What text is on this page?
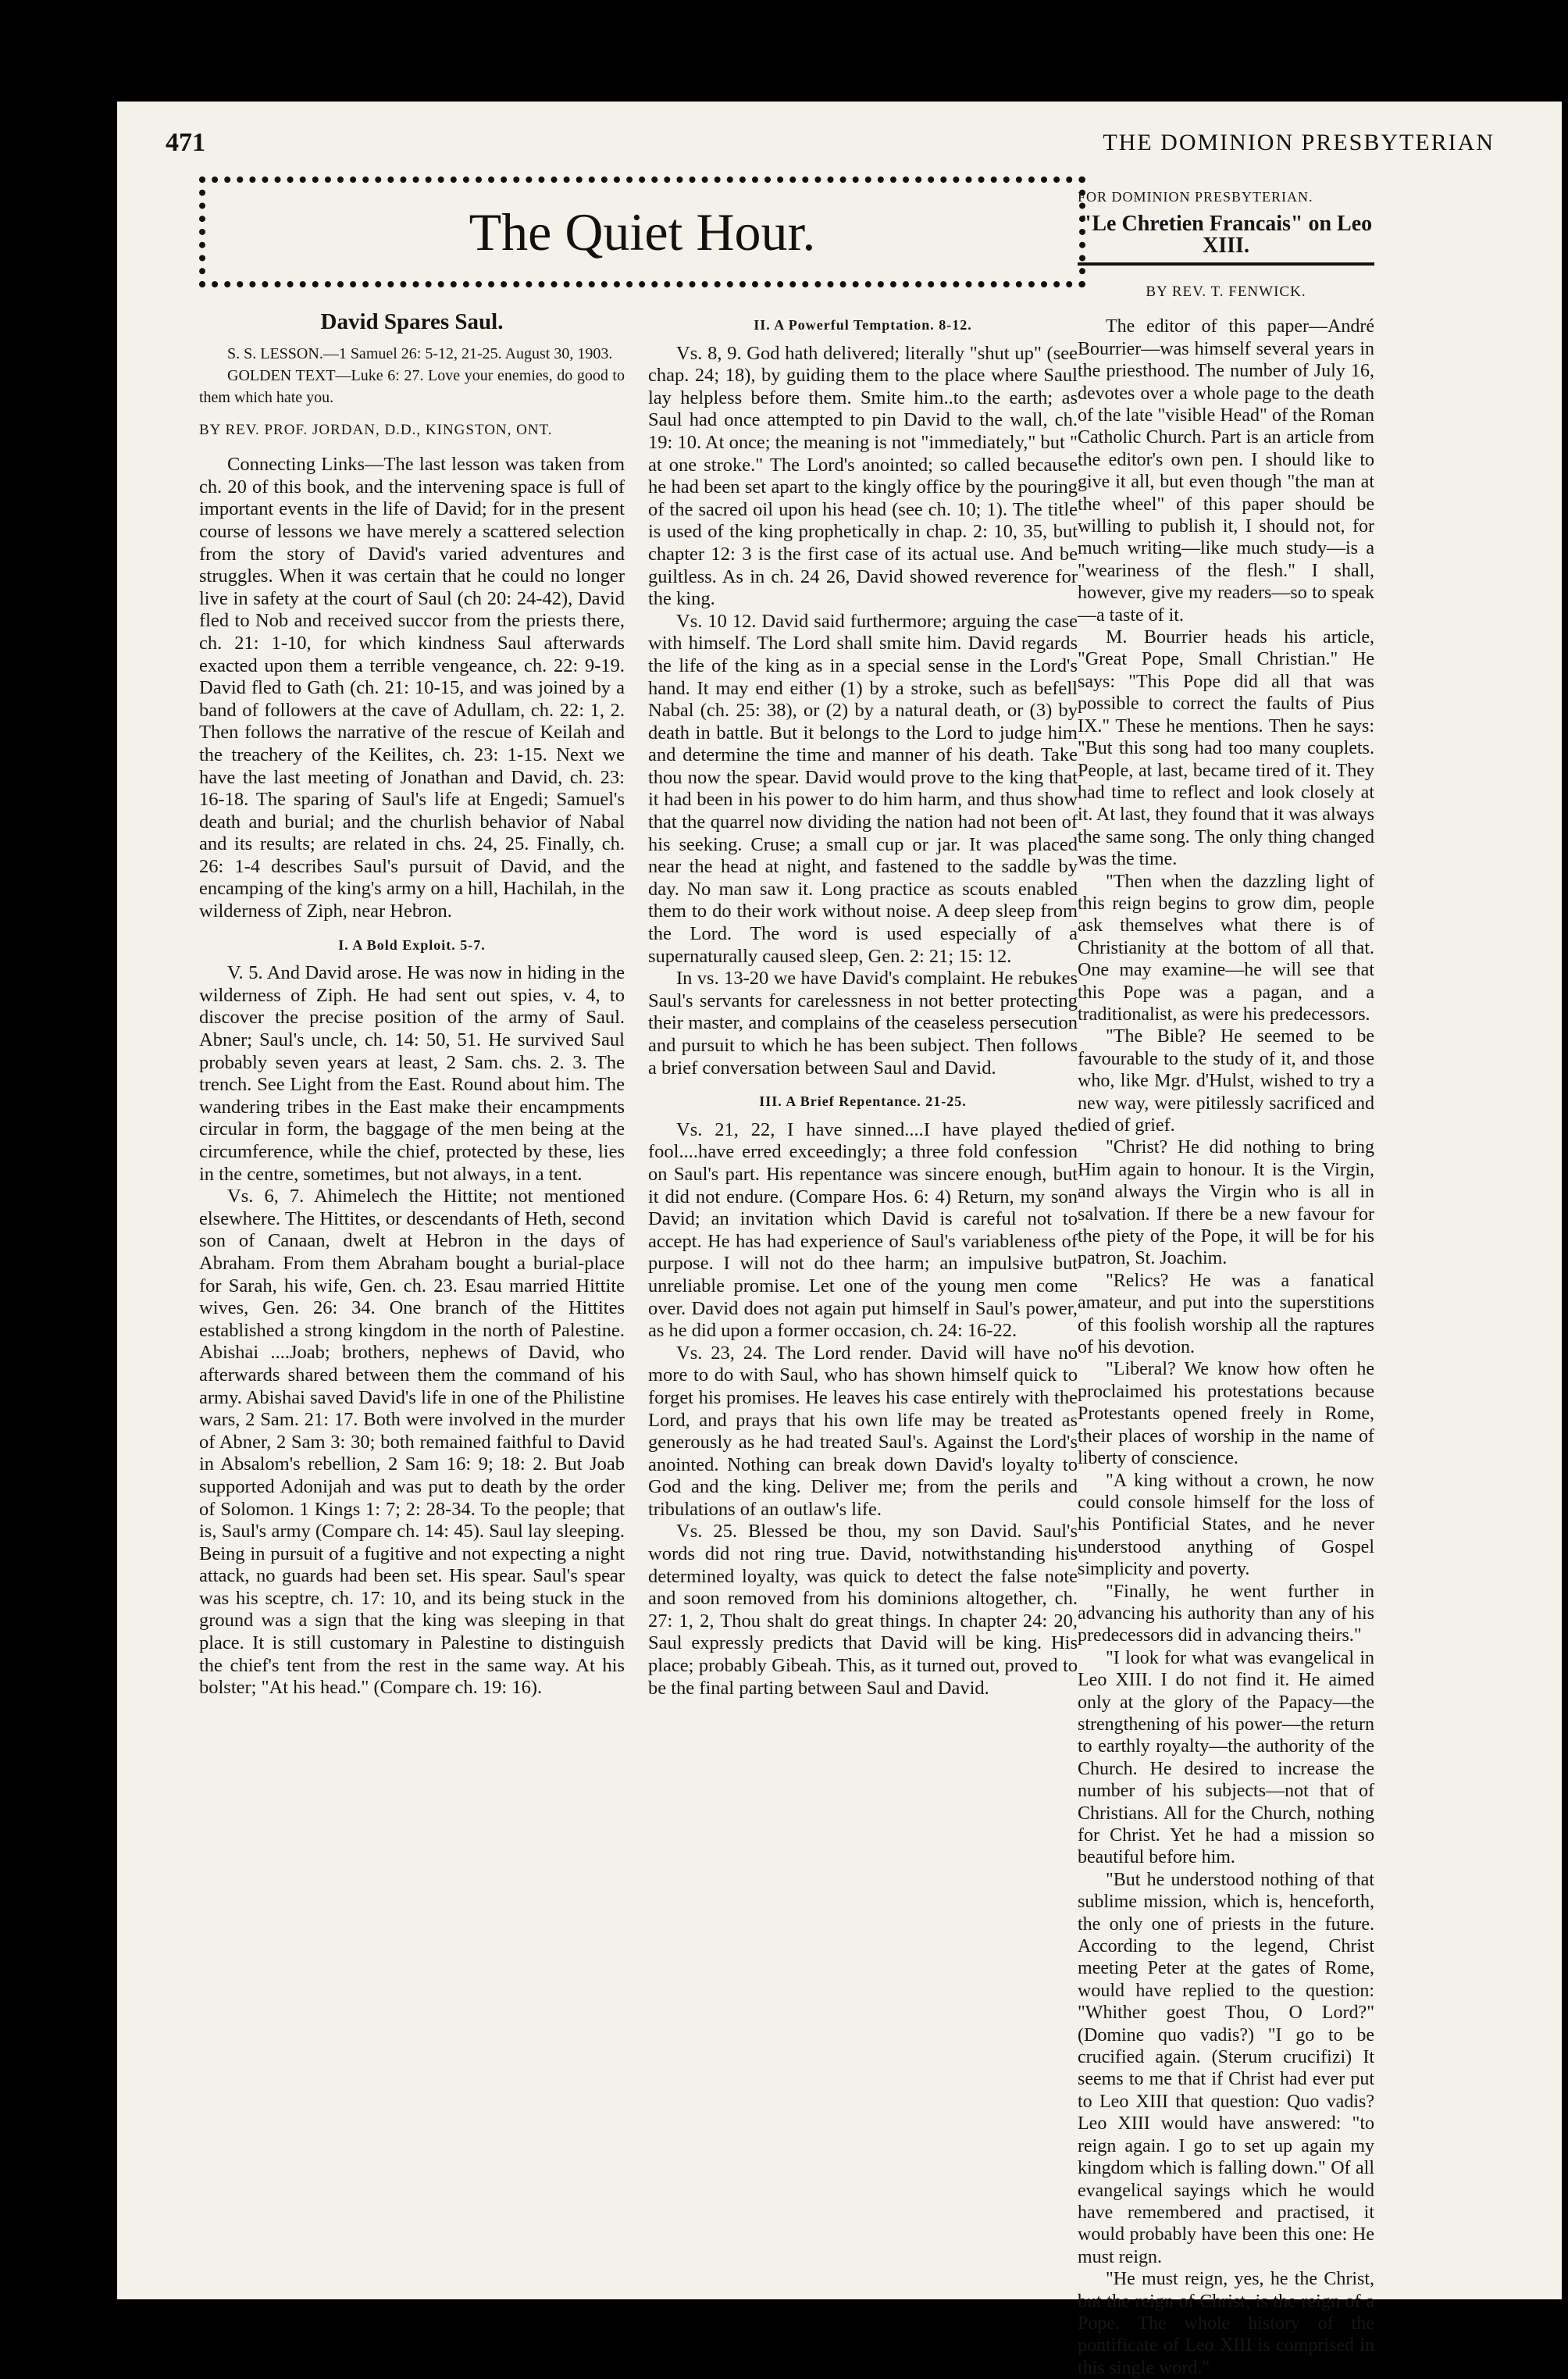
471	THE DOMINION PRESBYTERIAN
The Quiet Hour.
David Spares Saul.

S. S. LESSON.—1 Samuel 26: 5-12, 21-25. August 30, 1903.

GOLDEN TEXT—Luke 6: 27. Love your enemies, do good to them which hate you.

BY REV. PROF. JORDAN, D.D., KINGSTON, ONT.

Connecting Links—The last lesson was taken from ch. 20 of this book, and the intervening space is full of important events in the life of David; for in the present course of lessons we have merely a scattered selection from the story of David's varied adventures and struggles. When it was certain that he could no longer live in safety at the court of Saul (ch 20: 24-42), David fled to Nob and received succor from the priests there, ch. 21: 1-10, for which kindness Saul afterwards exacted upon them a terrible vengeance, ch. 22: 9-19. David fled to Gath (ch. 21: 10-15, and was joined by a band of followers at the cave of Adullam, ch. 22: 1, 2. Then follows the narrative of the rescue of Keilah and the treachery of the Keilites, ch. 23: 1-15. Next we have the last meeting of Jonathan and David, ch. 23: 16-18. The sparing of Saul's life at Engedi; Samuel's death and burial; and the churlish behavior of Nabal and its results; are related in chs. 24, 25. Finally, ch. 26: 1-4 describes Saul's pursuit of David, and the encamping of the king's army on a hill, Hachilah, in the wilderness of Ziph, near Hebron.

I. A Bold Exploit. 5-7.

V. 5. And David arose. He was now in hiding in the wilderness of Ziph. He had sent out spies, v. 4, to discover the precise position of the army of Saul. Abner; Saul's uncle, ch. 14: 50, 51. He survived Saul probably seven years at least, 2 Sam. chs. 2. 3. The trench. See Light from the East. Round about him. The wandering tribes in the East make their encampments circular in form, the baggage of the men being at the circumference, while the chief, protected by these, lies in the centre, sometimes, but not always, in a tent.

Vs. 6, 7. Ahimelech the Hittite; not mentioned elsewhere. The Hittites, or descendants of Heth, second son of Canaan, dwelt at Hebron in the days of Abraham. From them Abraham bought a burial-place for Sarah, his wife, Gen. ch. 23. Esau married Hittite wives, Gen. 26: 34. One branch of the Hittites established a strong kingdom in the north of Palestine. Abishai ....Joab; brothers, nephews of David, who afterwards shared between them the command of his army. Abishai saved David's life in one of the Philistine wars, 2 Sam. 21: 17. Both were involved in the murder of Abner, 2 Sam 3: 30; both remained faithful to David in Absalom's rebellion, 2 Sam 16: 9; 18: 2. But Joab supported Adonijah and was put to death by the order of Solomon. 1 Kings 1: 7; 2: 28-34. To the people; that is, Saul's army (Compare ch. 14: 45). Saul lay sleeping. Being in pursuit of a fugitive and not expecting a night attack, no guards had been set. His spear. Saul's spear was his sceptre, ch. 17: 10, and its being stuck in the ground was a sign that the king was sleeping in that place. It is still customary in Palestine to distinguish the chief's tent from the rest in the same way. At his bolster; "At his head." (Compare ch. 19: 16).

II. A Powerful Temptation. 8-12.

Vs. 8, 9. God hath delivered; literally "shut up" (see chap. 24; 18), by guiding them to the place where Saul lay helpless before them. Smite him..to the earth; as Saul had once attempted to pin David to the wall, ch. 19: 10. At once; the meaning is not "immediately," but " at one stroke." The Lord's anointed; so called because he had been set apart to the kingly office by the pouring of the sacred oil upon his head (see ch. 10; 1). The title is used of the king prophetically in chap. 2: 10, 35, but chapter 12: 3 is the first case of its actual use. And be guiltless. As in ch. 24 26, David showed reverence for the king.

Vs. 10 12. David said furthermore; arguing the case with himself. The Lord shall smite him. David regards the life of the king as in a special sense in the Lord's hand. It may end either (1) by a stroke, such as befell Nabal (ch. 25: 38), or (2) by a natural death, or (3) by death in battle. But it belongs to the Lord to judge him and determine the time and manner of his death. Take thou now the spear. David would prove to the king that it had been in his power to do him harm, and thus show that the quarrel now dividing the nation had not been of his seeking. Cruse; a small cup or jar. It was placed near the head at night, and fastened to the saddle by day. No man saw it. Long practice as scouts enabled them to do their work without noise. A deep sleep from the Lord. The word is used especially of a supernaturally caused sleep, Gen. 2: 21; 15: 12.

In vs. 13-20 we have David's complaint. He rebukes Saul's servants for carelessness in not better protecting their master, and complains of the ceaseless persecution and pursuit to which he has been subject. Then follows a brief conversation between Saul and David.

III. A Brief Repentance. 21-25.

Vs. 21, 22, I have sinned....I have played the fool....have erred exceedingly; a three fold confession on Saul's part. His repentance was sincere enough, but it did not endure. (Compare Hos. 6: 4) Return, my son David; an invitation which David is careful not to accept. He has had experience of Saul's variableness of purpose. I will not do thee harm; an impulsive but unreliable promise. Let one of the young men come over. David does not again put himself in Saul's power, as he did upon a former occasion, ch. 24: 16-22.

Vs. 23, 24. The Lord render. David will have no more to do with Saul, who has shown himself quick to forget his promises. He leaves his case entirely with the Lord, and prays that his own life may be treated as generously as he had treated Saul's. Against the Lord's anointed. Nothing can break down David's loyalty to God and the king. Deliver me; from the perils and tribulations of an outlaw's life.

Vs. 25. Blessed be thou, my son David. Saul's words did not ring true. David, notwithstanding his determined loyalty, was quick to detect the false note and soon removed from his dominions altogether, ch. 27: 1, 2, Thou shalt do great things. In chapter 24: 20, Saul expressly predicts that David will be king. His place; probably Gibeah. This, as it turned out, proved to be the final parting between Saul and David.

FOR DOMINION PRESBYTERIAN.
"Le Chretien Francais" on Leo XIII.
BY REV. T. FENWICK.

The editor of this paper—André Bourrier—was himself several years in the priesthood. The number of July 16, devotes over a whole page to the death of the late "visible Head" of the Roman Catholic Church. Part is an article from the editor's own pen. I should like to give it all, but even though "the man at the wheel" of this paper should be willing to publish it, I should not, for much writing—like much study—is a "weariness of the flesh." I shall, however, give my readers—so to speak—a taste of it.

M. Bourrier heads his article, "Great Pope, Small Christian." He says: "This Pope did all that was possible to correct the faults of Pius IX." These he mentions. Then he says: "But this song had too many couplets. People, at last, became tired of it. They had time to reflect and look closely at it. At last, they found that it was always the same song. The only thing changed was the time.

"Then when the dazzling light of this reign begins to grow dim, people ask themselves what there is of Christianity at the bottom of all that. One may examine—he will see that this Pope was a pagan, and a traditionalist, as were his predecessors.

"The Bible? He seemed to be favourable to the study of it, and those who, like Mgr. d'Hulst, wished to try a new way, were pitilessly sacrificed and died of grief.

"Christ? He did nothing to bring Him again to honour. It is the Virgin, and always the Virgin who is all in salvation. If there be a new favour for the piety of the Pope, it will be for his patron, St. Joachim.

"Relics? He was a fanatical amateur, and put into the superstitions of this foolish worship all the raptures of his devotion.

"Liberal? We know how often he proclaimed his protestations because Protestants opened freely in Rome, their places of worship in the name of liberty of conscience.

"A king without a crown, he now could console himself for the loss of his Pontificial States, and he never understood anything of Gospel simplicity and poverty.

"Finally, he went further in advancing his authority than any of his predecessors did in advancing theirs."

"I look for what was evangelical in Leo XIII. I do not find it. He aimed only at the glory of the Papacy—the strengthening of his power—the return to earthly royalty—the authority of the Church. He desired to increase the number of his subjects—not that of Christians. All for the Church, nothing for Christ. Yet he had a mission so beautiful before him.

"But he understood nothing of that sublime mission, which is, henceforth, the only one of priests in the future. According to the legend, Christ meeting Peter at the gates of Rome, would have replied to the question: "Whither goest Thou, O Lord?" (Domine quo vadis?) "I go to be crucified again. (Sterum crucifizi) It seems to me that if Christ had ever put to Leo XIII that question: Quo vadis? Leo XIII would have answered: "to reign again. I go to set up again my kingdom which is falling down." Of all evangelical sayings which he would have remembered and practised, it would probably have been this one: He must reign.

"He must reign, yes, he the Christ, but the reign of Christ, is the reign of a Pope. The whole history of the pontificate of Leo XIII is comprised in this single word."
